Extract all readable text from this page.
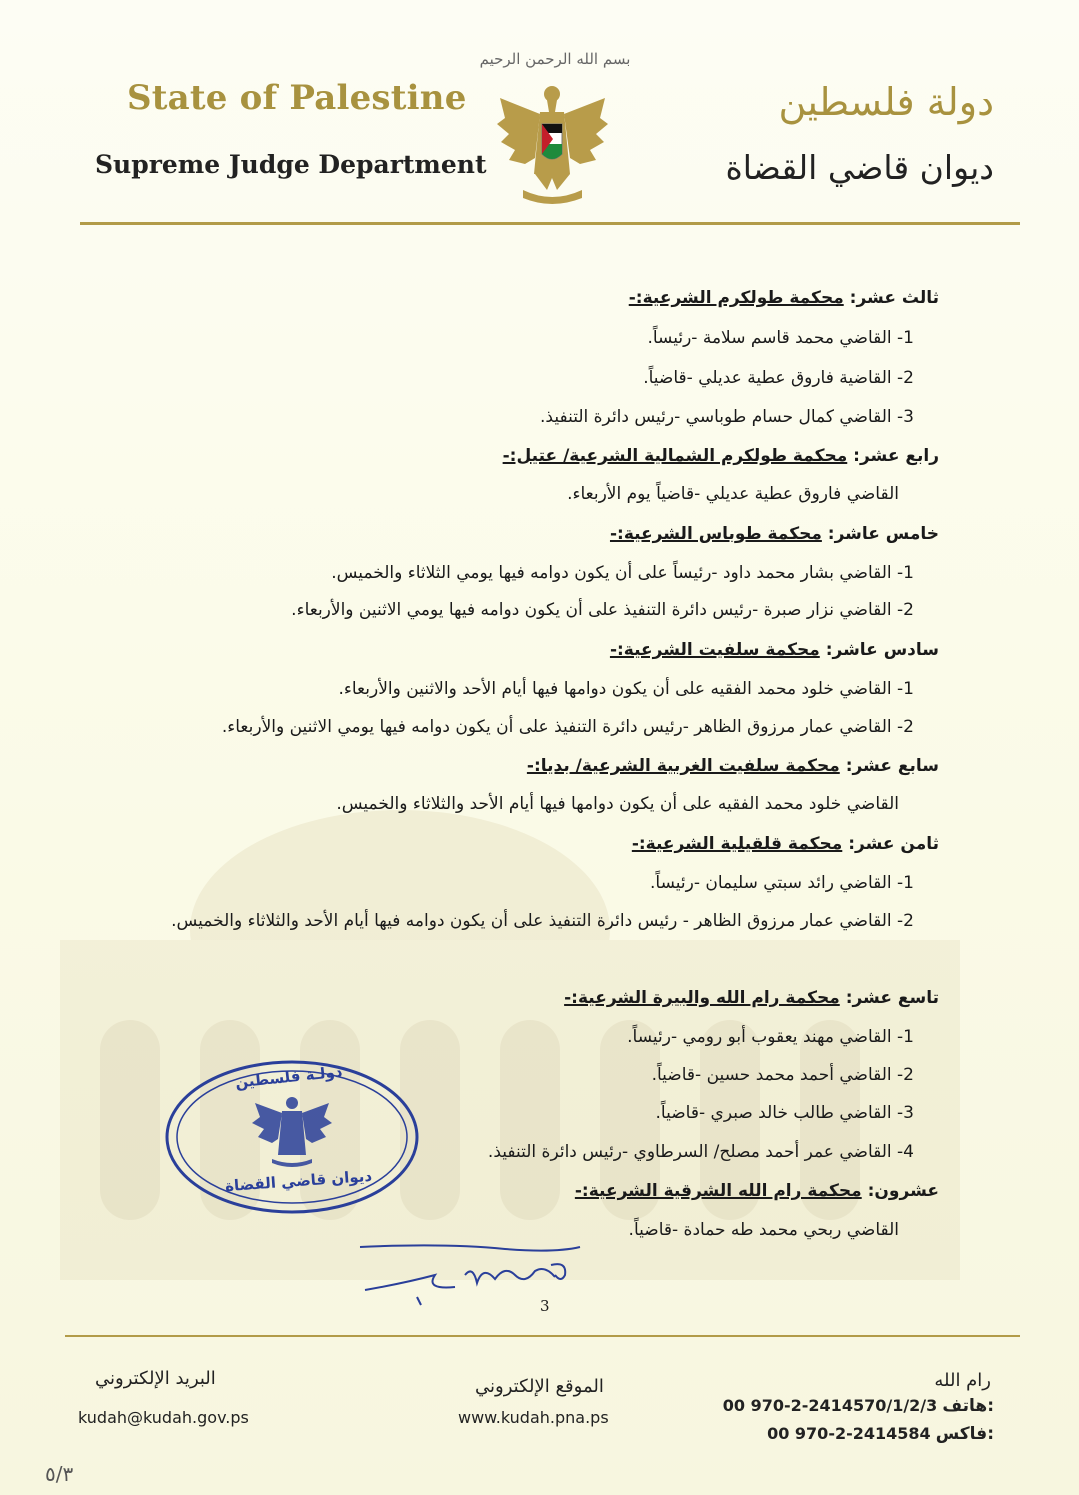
State of Palestine
Supreme Judge Department
بسم الله الرحمن الرحيم
دولة فلسطين
ديوان قاضي القضاة
ثالث عشر: محكمة طولكرم الشرعية:-
1- القاضي محمد قاسم سلامة -رئيساً.
2- القاضية فاروق عطية عديلي -قاضياً.
3- القاضي كمال حسام طوباسي -رئيس دائرة التنفيذ.
رابع عشر: محكمة طولكرم الشمالية الشرعية/ عتيل:-
القاضي فاروق عطية عديلي -قاضياً يوم الأربعاء.
خامس عاشر: محكمة طوباس الشرعية:-
1- القاضي بشار محمد داود -رئيساً على أن يكون دوامه فيها يومي الثلاثاء والخميس.
2- القاضي نزار صبرة -رئيس دائرة التنفيذ على أن يكون دوامه فيها يومي الاثنين والأربعاء.
سادس عاشر: محكمة سلفيت الشرعية:-
1- القاضي خلود محمد الفقيه على أن يكون دوامها فيها أيام الأحد والاثنين والأربعاء.
2- القاضي عمار مرزوق الظاهر -رئيس دائرة التنفيذ على أن يكون دوامه فيها يومي الاثنين والأربعاء.
سابع عشر: محكمة سلفيت الغربية الشرعية/ بديا:-
القاضي خلود محمد الفقيه على أن يكون دوامها فيها أيام الأحد والثلاثاء والخميس.
ثامن عشر: محكمة قلقيلية الشرعية:-
1- القاضي رائد سبتي سليمان -رئيساً.
2- القاضي عمار مرزوق الظاهر - رئيس دائرة التنفيذ على أن يكون دوامه فيها أيام الأحد والثلاثاء والخميس.
تاسع عشر: محكمة رام الله والبيرة الشرعية:-
1- القاضي مهند يعقوب أبو رومي -رئيساً.
2- القاضي أحمد محمد حسين -قاضياً.
3- القاضي طالب خالد صبري -قاضياً.
4- القاضي عمر أحمد مصلح/ السرطاوي -رئيس دائرة التنفيذ.
عشرون: محكمة رام الله الشرقية الشرعية:-
القاضي ربحي محمد طه حمادة -قاضياً.
دولـة فلسطين
ديوان قاضي القضاة
3
البريد الإلكتروني
kudah@kudah.gov.ps
الموقع الإلكتروني
www.kudah.pna.ps
رام الله
00 970-2-2414570/1/2/3 هاتف:
00 970-2-2414584 فاكس:
٥/٣
